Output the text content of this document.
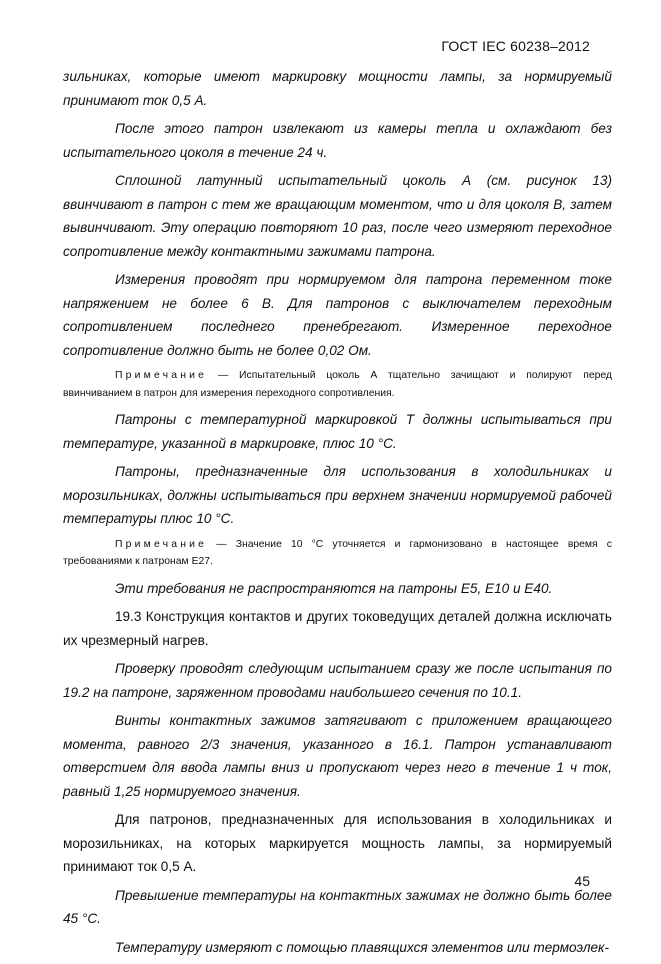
ГОСТ IEC 60238–2012

зильниках, которые имеют маркировку мощности лампы, за нормируемый принимают ток 0,5 А.

После этого патрон извлекают из камеры тепла и охлаждают без испытательного цоколя в течение 24 ч.

Сплошной латунный испытательный цоколь А (см. рисунок 13) ввинчивают в патрон с тем же вращающим моментом, что и для цоколя В, затем вывинчивают. Эту операцию повторяют 10 раз, после чего измеряют переходное сопротивление между контактными зажимами патрона.

Измерения проводят при нормируемом для патрона переменном токе напряжением не более 6 В. Для патронов с выключателем переходным сопротивлением последнего пренебрегают. Измеренное переходное сопротивление должно быть не более 0,02 Ом.

Примечание — Испытательный цоколь А тщательно зачищают и полируют перед ввинчиванием в патрон для измерения переходного сопротивления.

Патроны с температурной маркировкой Т должны испытываться при температуре, указанной в маркировке, плюс 10 °С.

Патроны, предназначенные для использования в холодильниках и морозильниках, должны испытываться при верхнем значении нормируемой рабочей температуры плюс 10 °С.

Примечание — Значение 10 °С уточняется и гармонизовано в настоящее время с требованиями к патронам Е27.

Эти требования не распространяются на патроны Е5, Е10 и Е40.

19.3 Конструкция контактов и других токоведущих деталей должна исключать их чрезмерный нагрев.

Проверку проводят следующим испытанием сразу же после испытания по 19.2 на патроне, заряженном проводами наибольшего сечения по 10.1.

Винты контактных зажимов затягивают с приложением вращающего момента, равного 2/3 значения, указанного в 16.1. Патрон устанавливают отверстием для ввода лампы вниз и пропускают через него в течение 1 ч ток, равный 1,25 нормируемого значения.

Для патронов, предназначенных для использования в холодильниках и морозильниках, на которых маркируется мощность лампы, за нормируемый принимают ток 0,5 А.

Превышение температуры на контактных зажимах не должно быть более 45 °С.

Температуру измеряют с помощью плавящихся элементов или термоэлек-

45
